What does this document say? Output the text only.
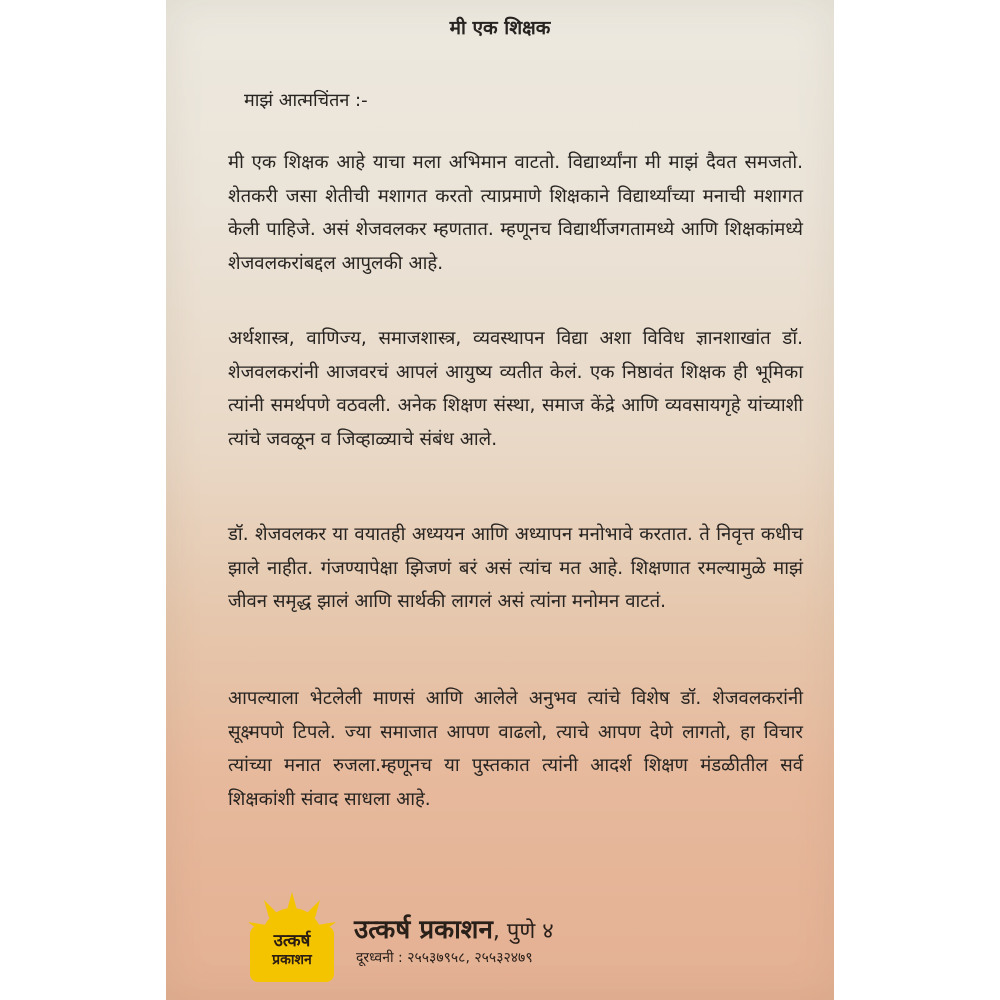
मी एक शिक्षक
माझं आत्मचिंतन :-
मी एक शिक्षक आहे याचा मला अभिमान वाटतो. विद्यार्थ्यांना मी माझं दैवत समजतो. शेतकरी जसा शेतीची मशागत करतो त्याप्रमाणे शिक्षकाने विद्यार्थ्यांच्या मनाची मशागत केली पाहिजे. असं शेजवलकर म्हणतात. म्हणूनच विद्यार्थीजगतामध्ये आणि शिक्षकांमध्ये शेजवलकरांबद्दल आपुलकी आहे.
अर्थशास्त्र, वाणिज्य, समाजशास्त्र, व्यवस्थापन विद्या अशा विविध ज्ञानशाखांत डॉ. शेजवलकरांनी आजवरचं आपलं आयुष्य व्यतीत केलं. एक निष्ठावंत शिक्षक ही भूमिका त्यांनी समर्थपणे वठवली. अनेक शिक्षण संस्था, समाज केंद्रे आणि व्यवसायगृहे यांच्याशी त्यांचे जवळून व जिव्हाळ्याचे संबंध आले.
डॉ. शेजवलकर या वयातही अध्ययन आणि अध्यापन मनोभावे करतात. ते निवृत्त कधीच झाले नाहीत. गंजण्यापेक्षा झिजणं बरं असं त्यांच मत आहे. शिक्षणात रमल्यामुळे माझं जीवन समृद्ध झालं आणि सार्थकी लागलं असं त्यांना मनोमन वाटतं.
आपल्याला भेटलेली माणसं आणि आलेले अनुभव त्यांचे विशेष डॉ. शेजवलकरांनी सूक्ष्मपणे टिपले. ज्या समाजात आपण वाढलो, त्याचे आपण देणे लागतो, हा विचार त्यांच्या मनात रुजला.म्हणूनच या पुस्तकात त्यांनी आदर्श शिक्षण मंडळीतील सर्व शिक्षकांशी संवाद साधला आहे.
उत्कर्ष
प्रकाशन
उत्कर्ष प्रकाशन, पुणे ४
दूरध्वनी : २५५३७९५८, २५५३२४७९
